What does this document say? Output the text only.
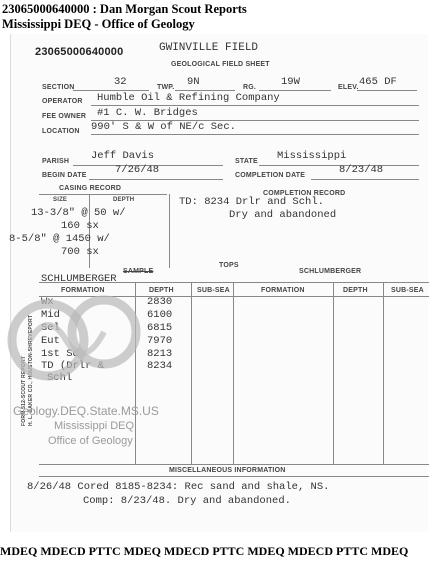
23065000640000 : Dan Morgan Scout Reports
Mississippi DEQ - Office of Geology
23065000640000	GWINVILLE FIELD
GEOLOGICAL FIELD SHEET
SECTION	32	TWP. 9N	RG. 19W	ELEV. 465 DF
OPERATOR Humble Oil & Refining Company
FEE OWNER #1 C. W. Bridges
LOCATION 990' S & W of NE/c Sec.
PARISH Jeff Davis	STATE Mississippi
BEGIN DATE	7/26/48	COMPLETION DATE	8/23/48
CASING RECORD
SIZE	DEPTH
13-3/8" @ 50 w/
160 sx
8-5/8" @ 1450 w/
700 sx
COMPLETION RECORD
TD: 8234 Drlr and Schl.
Dry and abandoned
TOPS
SAMPLE	SCHLUMBERGER
SCHLUMBERGER
FORMATION	DEPTH	SUB-SEA	FORMATION	DEPTH	SUB-SEA
Wx	2830
Mid	6100
Sel	6815
Eut	7970
1st Sd	8213
TD (Drlr &	8234
Schl
FORM 512-SCOUT REPORT H. L. BAKER CO., HOUSTON-SHREVEPORT
MISCELLANEOUS INFORMATION
8/26/48 Cored 8185-8234: Rec sand and shale, NS.
Comp: 8/23/48. Dry and abandoned.
Geology.DEQ.State.MS.US
Mississippi DEQ
Office of Geology
MDEQ MDECD PTTC MDEQ MDECD PTTC MDEQ MDECD PTTC MDEQ
